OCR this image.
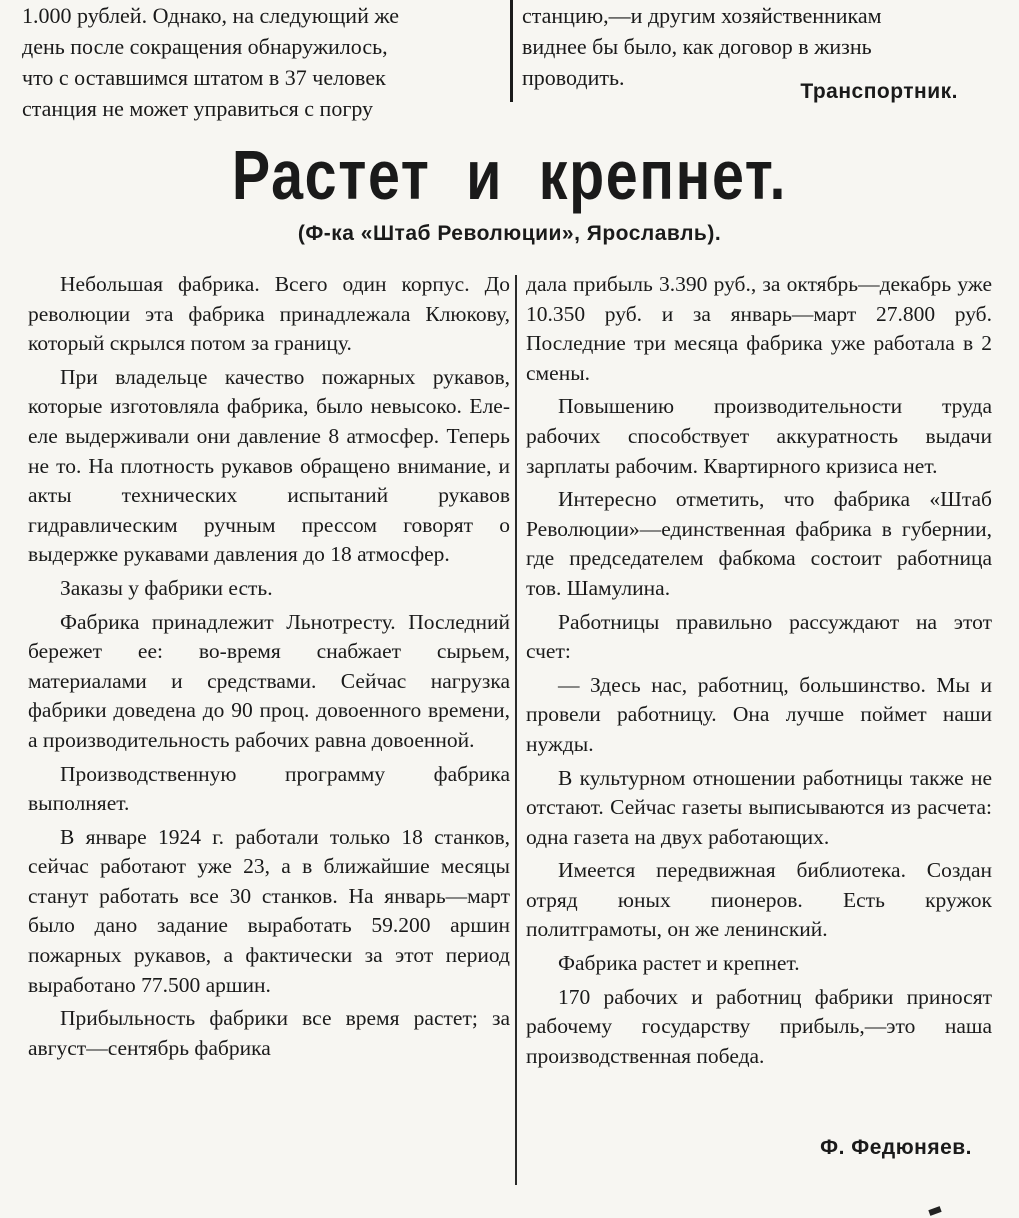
1.000 рублей. Однако, на следующий же

день после сокращения обнаружилось,

что с оставшимся штатом в 37 человек

станция не может управиться с погру

станцию,—и другим хозяйственникам

виднее бы было, как договор в жизнь

проводить.

Транспортник.
Растет и крепнет.
(Ф-ка «Штаб Революции», Ярославль).

Небольшая фабрика. Всего один корпус. До революции эта фабрика принадлежала Клюкову, который скрылся потом за границу.

При владельце качество пожарных рукавов, которые изготовляла фабрика, было невысоко. Еле-еле выдерживали они давление 8 атмосфер. Теперь не то. На плотность рукавов обращено внимание, и акты технических испытаний рукавов гидравлическим ручным прессом говорят о выдержке рукавами давления до 18 атмосфер.

Заказы у фабрики есть.

Фабрика принадлежит Льнотресту. Последний бережет ее: во-время снабжает сырьем, материалами и средствами. Сейчас нагрузка фабрики доведена до 90 проц. довоенного времени, а производительность рабочих равна довоенной.

Производственную программу фабрика выполняет.

В январе 1924 г. работали только 18 станков, сейчас работают уже 23, а в ближайшие месяцы станут работать все 30 станков. На январь—март было дано задание выработать 59.200 аршин пожарных рукавов, а фактически за этот период выработано 77.500 аршин.

Прибыльность фабрики все время растет; за август—сентябрь фабрика

дала прибыль 3.390 руб., за октябрь—декабрь уже 10.350 руб. и за январь—март 27.800 руб. Последние три месяца фабрика уже работала в 2 смены.

Повышению производительности труда рабочих способствует аккуратность выдачи зарплаты рабочим. Квартирного кризиса нет.

Интересно отметить, что фабрика «Штаб Революции»—единственная фабрика в губернии, где председателем фабкома состоит работница тов. Шамулина.

Работницы правильно рассуждают на этот счет:

— Здесь нас, работниц, большинство. Мы и провели работницу. Она лучше поймет наши нужды.

В культурном отношении работницы также не отстают. Сейчас газеты выписываются из расчета: одна газета на двух работающих.

Имеется передвижная библиотека. Создан отряд юных пионеров. Есть кружок политграмоты, он же ленинский.

Фабрика растет и крепнет.

170 рабочих и работниц фабрики приносят рабочему государству прибыль,—это наша производственная победа.

Ф. Федюняев.
